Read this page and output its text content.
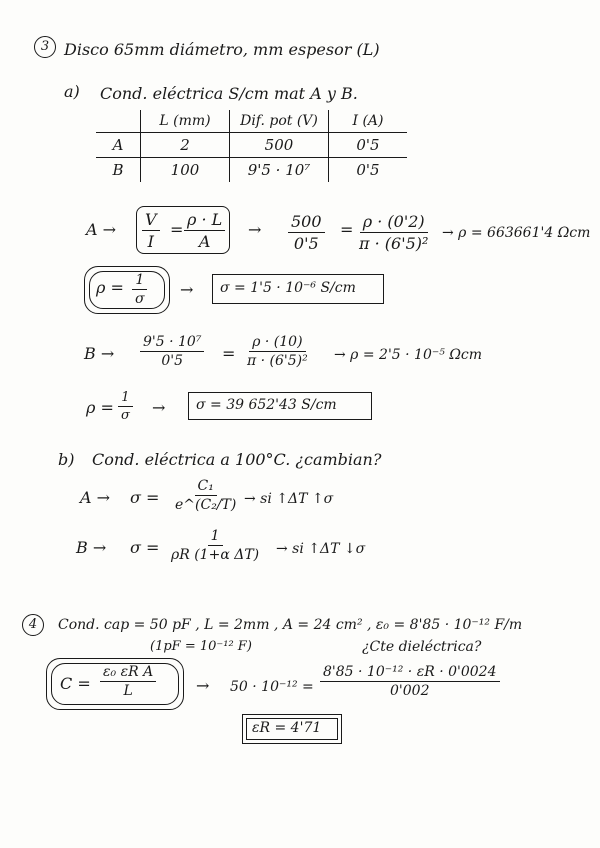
3 Disco 65mm diámetro, mm espesor (L)
a) Cond. eléctrica S/cm mat A y B.
	L (mm)	Dif. pot (V)	I (A)
A	2	500	0'5
B	100	9'5 · 10⁷	0'5
$A \to \frac{V}{I} = \frac{\rho \cdot L}{A} \to \frac{500}{0'5} = \frac{\rho \cdot (0'2)}{\text{π · (6'5)²}} \to \rho = 663661'4$ Ωcm
$\rho = \frac{1}{\sigma} \to \sigma = 1'5 \cdot 10^{-6}$ S/cm
$B \to \frac{\text{9'5 · 10⁷}}{0'5} = \frac{\rho \cdot (10)}{\text{π · (6'5)²}} \to \rho = 2'5 \cdot 10^{-5}$ Ωcm
$\rho = \frac{1}{\sigma} \to \sigma = 39$ 652'43 S/cm
b) Cond. eléctrica a 100°C. ¿cambian?
$A \to \sigma = \frac{\text{C₁}}{\text{e\textasciicircum{}(C₂/T)}}$ → si ↑ΔT ↑σ
$B \to \sigma = \frac{1}{\text{ρR (1+α ΔT)}}$ → si ↑ΔT ↓σ
4	Cond. cap = 50 pF , L = 2mm , A = 24 cm² , ε₀ = 8'85 · 10⁻¹² F/m
(1pF = 10⁻¹² F)	¿Cte dieléctrica?
$C = \frac{\text{ε₀ εR A}}{L} \to 50 \cdot 10^{-12} = \frac{\text{8'85 · 10⁻¹² · εR · 0'0024}}{0'002}$
εR = 4'71
